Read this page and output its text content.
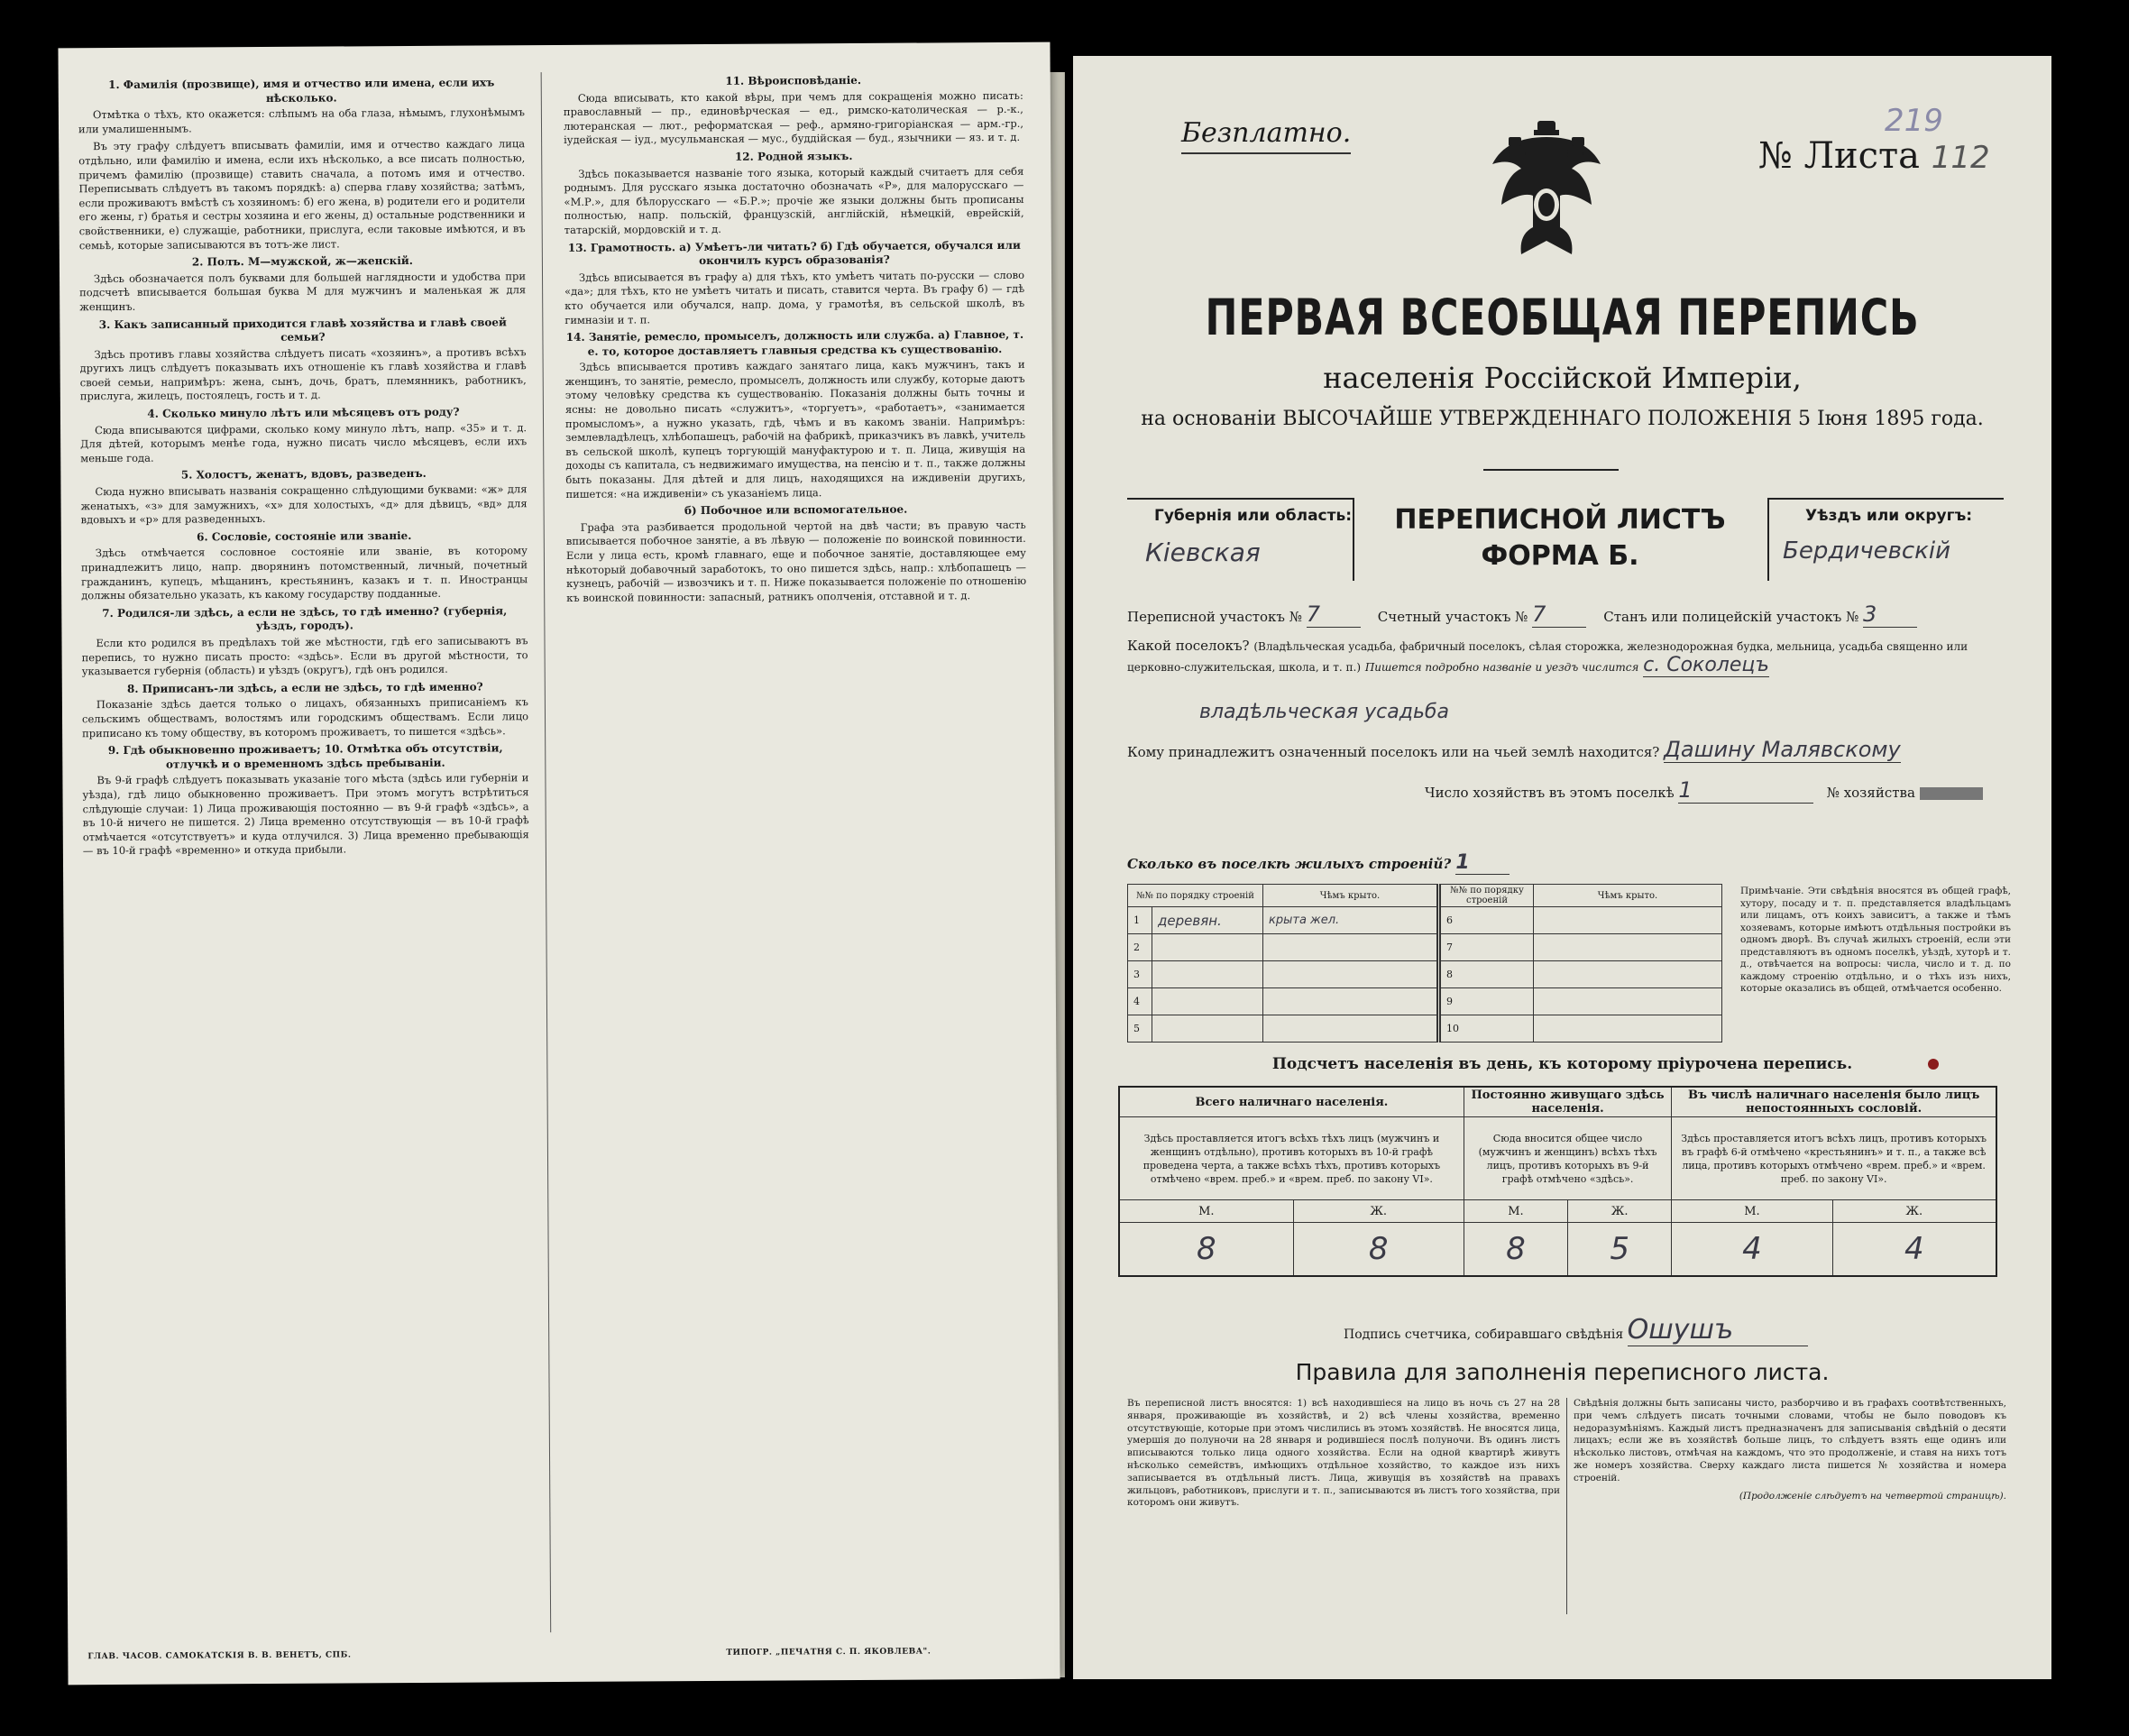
1. Фамилія (прозвище), имя и отчество или имена, если ихъ нѣсколько.

Отмѣтка о тѣхъ, кто окажется: слѣпымъ на оба глаза, нѣмымъ, глухонѣмымъ или умалишеннымъ.

Въ эту графу слѣдуетъ вписывать фамиліи, имя и отчество каждаго лица отдѣльно, или фамилію и имена, если ихъ нѣсколько, а все писать полностью, причемъ фамилію (прозвище) ставить сначала, а потомъ имя и отчество. Переписывать слѣдуетъ въ такомъ порядкѣ: а) сперва главу хозяйства; затѣмъ, если проживаютъ вмѣстѣ съ хозяиномъ: б) его жена, в) родители его и родители его жены, г) братья и сестры хозяина и его жены, д) остальные родственники и свойственники, е) служащіе, работники, прислуга, если таковые имѣются, и въ семьѣ, которые записываются въ тотъ-же лист.

2. Полъ. М—мужской, ж—женскій.

Здѣсь обозначается полъ буквами для большей наглядности и удобства при подсчетѣ вписывается большая буква М для мужчинъ и маленькая ж для женщинъ.

3. Какъ записанный приходится главѣ хозяйства и главѣ своей семьи?

Здѣсь противъ главы хозяйства слѣдуетъ писать «хозяинъ», а противъ всѣхъ другихъ лицъ слѣдуетъ показывать ихъ отношеніе къ главѣ хозяйства и главѣ своей семьи, напримѣръ: жена, сынъ, дочь, братъ, племянникъ, работникъ, прислуга, жилецъ, постоялецъ, гость и т. д.

4. Сколько минуло лѣтъ или мѣсяцевъ отъ роду?

Сюда вписываются цифрами, сколько кому минуло лѣтъ, напр. «35» и т. д. Для дѣтей, которымъ менѣе года, нужно писать число мѣсяцевъ, если ихъ меньше года.

5. Холостъ, женатъ, вдовъ, разведенъ.

Сюда нужно вписывать названія сокращенно слѣдующими буквами: «ж» для женатыхъ, «з» для замужнихъ, «х» для холостыхъ, «д» для дѣвицъ, «вд» для вдовыхъ и «р» для разведенныхъ.

6. Сословіе, состояніе или званіе.

Здѣсь отмѣчается сословное состояніе или званіе, въ которому принадлежитъ лицо, напр. дворянинъ потомственный, личный, почетный гражданинъ, купецъ, мѣщанинъ, крестьянинъ, казакъ и т. п. Иностранцы должны обязательно указать, къ какому государству подданные.

7. Родился-ли здѣсь, а если не здѣсь, то гдѣ именно? (губернія, уѣздъ, городъ).

Если кто родился въ предѣлахъ той же мѣстности, гдѣ его записываютъ въ перепись, то нужно писать просто: «здѣсь». Если въ другой мѣстности, то указывается губернія (область) и уѣздъ (округъ), гдѣ онъ родился.

8. Приписанъ-ли здѣсь, а если не здѣсь, то гдѣ именно?

Показаніе здѣсь дается только о лицахъ, обязанныхъ приписаніемъ къ сельскимъ обществамъ, волостямъ или городскимъ обществамъ. Если лицо приписано къ тому обществу, въ которомъ проживаетъ, то пишется «здѣсь».

9. Гдѣ обыкновенно проживаетъ; 10. Отмѣтка объ отсутствіи, отлучкѣ и о временномъ здѣсь пребываніи.

Въ 9-й графѣ слѣдуетъ показывать указаніе того мѣста (здѣсь или губерніи и уѣзда), гдѣ лицо обыкновенно проживаетъ. При этомъ могутъ встрѣтиться слѣдующіе случаи: 1) Лица проживающія постоянно — въ 9-й графѣ «здѣсь», а въ 10-й ничего не пишется. 2) Лица временно отсутствующія — въ 10-й графѣ отмѣчается «отсутствуетъ» и куда отлучился. 3) Лица временно пребывающія — въ 10-й графѣ «временно» и откуда прибыли.

11. Вѣроисповѣданіе.

Сюда вписывать, кто какой вѣры, при чемъ для сокращенія можно писать: православный — пр., единовѣрческая — ед., римско-католическая — р.-к., лютеранская — лют., реформатская — реф., армяно-григоріанская — арм.-гр., іудейская — іуд., мусульманская — мус., буддійская — буд., язычники — яз. и т. д.

12. Родной языкъ.

Здѣсь показывается названіе того языка, который каждый считаетъ для себя роднымъ. Для русскаго языка достаточно обозначать «Р», для малорусскаго — «М.Р.», для бѣлорусскаго — «Б.Р.»; прочіе же языки должны быть прописаны полностью, напр. польскій, французскій, англійскій, нѣмецкій, еврейскій, татарскій, мордовскій и т. д.

13. Грамотность. а) Умѣетъ-ли читать? б) Гдѣ обучается, обучался или окончилъ курсъ образованія?

Здѣсь вписывается въ графу а) для тѣхъ, кто умѣетъ читать по-русски — слово «да»; для тѣхъ, кто не умѣетъ читать и писать, ставится черта. Въ графу б) — гдѣ кто обучается или обучался, напр. дома, у грамотѣя, въ сельской школѣ, въ гимназіи и т. п.

14. Занятіе, ремесло, промыселъ, должность или служба. а) Главное, т. е. то, которое доставляетъ главныя средства къ существованію.

Здѣсь вписывается противъ каждаго занятаго лица, какъ мужчинъ, такъ и женщинъ, то занятіе, ремесло, промыселъ, должность или службу, которые даютъ этому человѣку средства къ существованію. Показанія должны быть точны и ясны: не довольно писать «служитъ», «торгуетъ», «работаетъ», «занимается промысломъ», а нужно указать, гдѣ, чѣмъ и въ какомъ званіи. Напримѣръ: землевладѣлецъ, хлѣбопашецъ, рабочій на фабрикѣ, приказчикъ въ лавкѣ, учитель въ сельской школѣ, купецъ торгующій мануфактурою и т. п. Лица, живущія на доходы съ капитала, съ недвижимаго имущества, на пенсію и т. п., также должны быть показаны. Для дѣтей и для лицъ, находящихся на иждивеніи другихъ, пишется: «на иждивеніи» съ указаніемъ лица.

б) Побочное или вспомогательное.

Графа эта разбивается продольной чертой на двѣ части; въ правую часть вписывается побочное занятіе, а въ лѣвую — положеніе по воинской повинности. Если у лица есть, кромѣ главнаго, еще и побочное занятіе, доставляющее ему нѣкоторый добавочный заработокъ, то оно пишется здѣсь, напр.: хлѣбопашецъ — кузнецъ, рабочій — извозчикъ и т. п. Ниже показывается положеніе по отношенію къ воинской повинности: запасный, ратникъ ополченія, отставной и т. д.

ГЛАВ. ЧАСОВ. САМОКАТСКІЯ В. В. ВЕНЕТЪ, СПБ.	ТИПОГР. „ПЕЧАТНЯ С. П. ЯКОВЛЕВА".
Безплатно.	219
№ Листа 112
ПЕРВАЯ ВСЕОБЩАЯ ПЕРЕПИСЬ
населенія Россійской Имперіи,
на основаніи ВЫСОЧАЙШЕ УТВЕРЖДЕННАГО ПОЛОЖЕНІЯ 5 Іюня 1895 года.
Губернія или область:
Кіевская
ПЕРЕПИСНОЙ ЛИСТЪ
ФОРМА Б.
Уѣздъ или округъ:
Бердичевскій
Переписной участокъ № 7	Счетный участокъ № 7	Станъ или полицейскій участокъ № 3
Какой поселокъ? (Владѣльческая усадьба, фабричный поселокъ, сѣлая сторожка, железнодорожная будка, мельница, усадьба священно или церковно-служительская, школа, и т. п.) Пишется подробно названіе и уездъ числится с. Соколецъ
владѣльческая усадьба
Кому принадлежитъ означенный поселокъ или на чьей землѣ находится? Дашину Малявскому
Число хозяйствъ въ этомъ поселкѣ 1	№ хозяйства
Сколько въ поселкѣ жилыхъ строеній? 1
№№ по порядку строеній		Чѣмъ крыто.	№№ по порядку строеній	Чѣмъ крыто.
1	деревян.	крыта жел.	6	
2			7	
3			8	
4			9	
5			10	
Примѣчаніе. Эти свѣдѣнія вносятся въ общей графѣ, хутору, посаду и т. п. представляется владѣльцамъ или лицамъ, отъ коихъ зависитъ, а также и тѣмъ хозяевамъ, которые имѣютъ отдѣльныя постройки въ одномъ дворѣ. Въ случаѣ жилыхъ строеній, если эти представляютъ въ одномъ поселкѣ, уѣздѣ, хуторѣ и т. д., отвѣчается на вопросы: числа, число и т. д. по каждому строенію отдѣльно, и о тѣхъ изъ нихъ, которые оказались въ общей, отмѣчается особенно.
Подсчетъ населенія въ день, къ которому пріурочена перепись.
Всего наличнаго населенія.		Постоянно живущаго здѣсь населенія.		Въ числѣ наличнаго населенія было лицъ непостоянныхъ сословій.	
Здѣсь проставляется итогъ всѣхъ тѣхъ лицъ (мужчинъ и женщинъ отдѣльно), противъ которыхъ въ 10-й графѣ проведена черта, а также всѣхъ тѣхъ, противъ которыхъ отмѣчено «врем. преб.» и «врем. преб. по закону VI».		Сюда вносится общее число (мужчинъ и женщинъ) всѣхъ тѣхъ лицъ, противъ которыхъ въ 9-й графѣ отмѣчено «здѣсь».		Здѣсь проставляется итогъ всѣхъ лицъ, противъ которыхъ въ графѣ 6-й отмѣчено «крестьянинъ» и т. п., а также всѣ лица, противъ которыхъ отмѣчено «врем. преб.» и «врем. преб. по закону VI».	
М.	Ж.	М.	Ж.	М.	Ж.
8	8	8	5	4	4
Подпись счетчика, собиравшаго свѣдѣнія Ошушъ
Правила для заполненія переписного листа.
Въ переписной листъ вносятся: 1) всѣ находившіеся на лицо въ ночь съ 27 на 28 января, проживающіе въ хозяйствѣ, и 2) всѣ члены хозяйства, временно отсутствующіе, которые при этомъ числились въ этомъ хозяйствѣ. Не вносятся лица, умершія до полуночи на 28 января и родившіеся послѣ полуночи. Въ одинъ листъ вписываются только лица одного хозяйства. Если на одной квартирѣ живутъ нѣсколько семействъ, имѣющихъ отдѣльное хозяйство, то каждое изъ нихъ записывается въ отдѣльный листъ. Лица, живущія въ хозяйствѣ на правахъ жильцовъ, работниковъ, прислуги и т. п., записываются въ листъ того хозяйства, при которомъ они живутъ.
Свѣдѣнія должны быть записаны чисто, разборчиво и въ графахъ соотвѣтственныхъ, при чемъ слѣдуетъ писать точными словами, чтобы не было поводовъ къ недоразумѣніямъ. Каждый листъ предназначенъ для записыванія свѣдѣній о десяти лицахъ; если же въ хозяйствѣ больше лицъ, то слѣдуетъ взять еще одинъ или нѣсколько листовъ, отмѣчая на каждомъ, что это продолженіе, и ставя на нихъ тотъ же номеръ хозяйства. Сверху каждаго листа пишется № хозяйства и номера строеній.
(Продолженіе слѣдуетъ на четвертой страницѣ).
